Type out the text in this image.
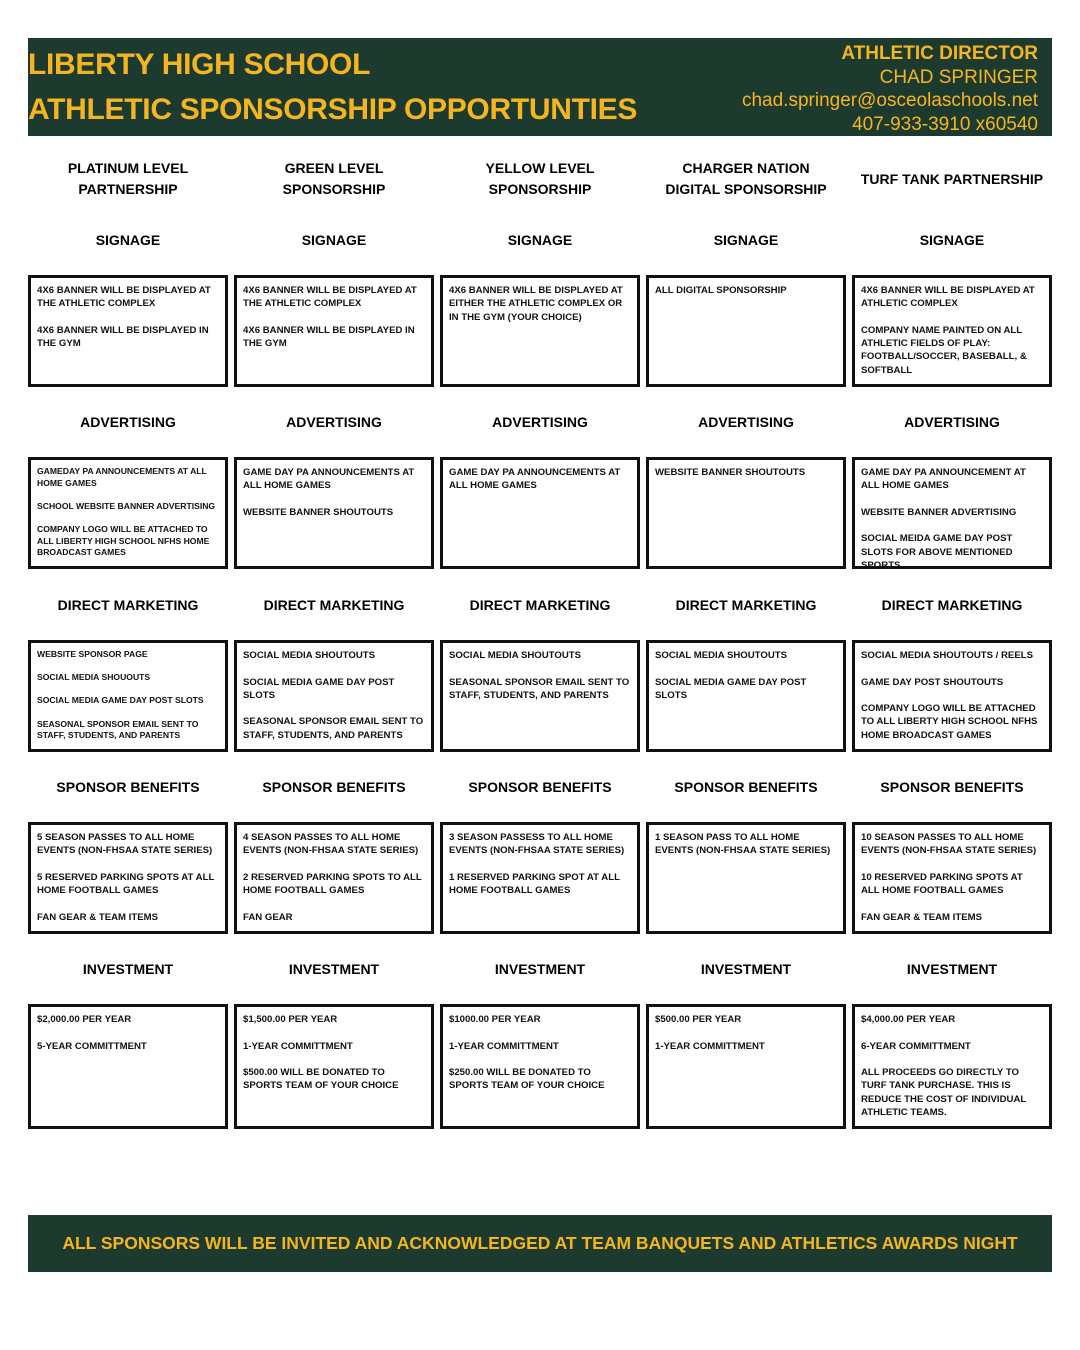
LIBERTY HIGH SCHOOL
ATHLETIC SPONSORSHIP OPPORTUNTIES
ATHLETIC DIRECTOR
CHAD SPRINGER
chad.springer@osceolaschools.net
407-933-3910 x60540
PLATINUM LEVEL PARTNERSHIP
SIGNAGE

4X6 BANNER WILL BE DISPLAYED AT THE ATHLETIC COMPLEX

4X6 BANNER WILL BE DISPLAYED IN THE GYM

ADVERTISING

GAMEDAY PA ANNOUNCEMENTS AT ALL HOME GAMES

SCHOOL WEBSITE BANNER ADVERTISING

COMPANY LOGO WILL BE ATTACHED TO ALL LIBERTY HIGH SCHOOL NFHS HOME BROADCAST GAMES

DIRECT MARKETING

WEBSITE SPONSOR PAGE

SOCIAL MEDIA SHOUOUTS

SOCIAL MEDIA GAME DAY POST SLOTS

SEASONAL SPONSOR EMAIL SENT TO STAFF, STUDENTS, AND PARENTS

SPONSOR BENEFITS

5 SEASON PASSES TO ALL HOME EVENTS (NON-FHSAA STATE SERIES)

5 RESERVED PARKING SPOTS AT ALL HOME FOOTBALL GAMES

FAN GEAR & TEAM ITEMS

INVESTMENT

$2,000.00 PER YEAR

5-YEAR COMMITTMENT

GREEN LEVEL SPONSORSHIP
SIGNAGE

4X6 BANNER WILL BE DISPLAYED AT THE ATHLETIC COMPLEX

4X6 BANNER WILL BE DISPLAYED IN THE GYM

ADVERTISING

GAME DAY PA ANNOUNCEMENTS AT ALL HOME GAMES

WEBSITE BANNER SHOUTOUTS

DIRECT MARKETING

SOCIAL MEDIA SHOUTOUTS

SOCIAL MEDIA GAME DAY POST SLOTS

SEASONAL SPONSOR EMAIL SENT TO STAFF, STUDENTS, AND PARENTS

SPONSOR BENEFITS

4 SEASON PASSES TO ALL HOME EVENTS (NON-FHSAA STATE SERIES)

2 RESERVED PARKING SPOTS TO ALL HOME FOOTBALL GAMES

FAN GEAR

INVESTMENT

$1,500.00 PER YEAR

1-YEAR COMMITTMENT

$500.00 WILL BE DONATED TO SPORTS TEAM OF YOUR CHOICE

YELLOW LEVEL SPONSORSHIP
SIGNAGE

4X6 BANNER WILL BE DISPLAYED AT EITHER THE ATHLETIC COMPLEX OR IN THE GYM (YOUR CHOICE)

ADVERTISING

GAME DAY PA ANNOUNCEMENTS AT ALL HOME GAMES

DIRECT MARKETING

SOCIAL MEDIA SHOUTOUTS

SEASONAL SPONSOR EMAIL SENT TO STAFF, STUDENTS, AND PARENTS

SPONSOR BENEFITS

3 SEASON PASSESS TO ALL HOME EVENTS (NON-FHSAA STATE SERIES)

1 RESERVED PARKING SPOT AT ALL HOME FOOTBALL GAMES

INVESTMENT

$1000.00 PER YEAR

1-YEAR COMMITTMENT

$250.00 WILL BE DONATED TO SPORTS TEAM OF YOUR CHOICE

CHARGER NATION DIGITAL SPONSORSHIP
SIGNAGE

ALL DIGITAL SPONSORSHIP

ADVERTISING

WEBSITE BANNER SHOUTOUTS

DIRECT MARKETING

SOCIAL MEDIA SHOUTOUTS

SOCIAL MEDIA GAME DAY POST SLOTS

SPONSOR BENEFITS

1 SEASON PASS TO ALL HOME EVENTS (NON-FHSAA STATE SERIES)

INVESTMENT

$500.00 PER YEAR

1-YEAR COMMITTMENT

TURF TANK PARTNERSHIP
SIGNAGE

4X6 BANNER WILL BE DISPLAYED AT ATHLETIC COMPLEX

COMPANY NAME PAINTED ON ALL ATHLETIC FIELDS OF PLAY: FOOTBALL/SOCCER, BASEBALL, & SOFTBALL

ADVERTISING

GAME DAY PA ANNOUNCEMENT AT ALL HOME GAMES

WEBSITE BANNER ADVERTISING

SOCIAL MEIDA GAME DAY POST SLOTS FOR ABOVE MENTIONED SPORTS

DIRECT MARKETING

SOCIAL MEDIA SHOUTOUTS / REELS

GAME DAY POST SHOUTOUTS

COMPANY LOGO WILL BE ATTACHED TO ALL LIBERTY HIGH SCHOOL NFHS HOME BROADCAST GAMES

SPONSOR BENEFITS

10 SEASON PASSES TO ALL HOME EVENTS (NON-FHSAA STATE SERIES)

10 RESERVED PARKING SPOTS AT ALL HOME FOOTBALL GAMES

FAN GEAR & TEAM ITEMS

INVESTMENT

$4,000.00 PER YEAR

6-YEAR COMMITTMENT

ALL PROCEEDS GO DIRECTLY TO TURF TANK PURCHASE. THIS IS REDUCE THE COST OF INDIVIDUAL ATHLETIC TEAMS.

ALL SPONSORS WILL BE INVITED AND ACKNOWLEDGED AT TEAM BANQUETS AND ATHLETICS AWARDS NIGHT
